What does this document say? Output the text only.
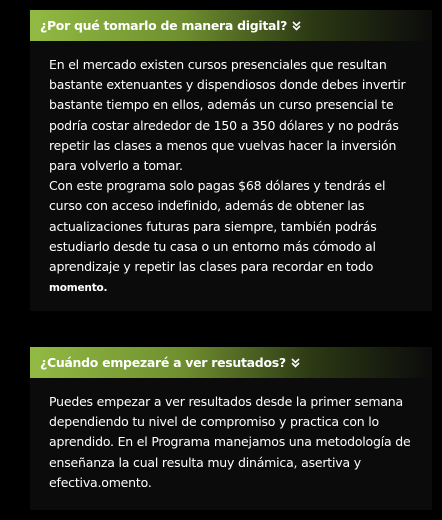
¿Por qué tomarlo de manera digital?

En el mercado existen cursos presenciales que resultan bastante extenuantes y dispendiosos donde debes invertir bastante tiempo en ellos, además un curso presencial te podría costar alrededor de 150 a 350 dólares y no podrás repetir las clases a menos que vuelvas hacer la inversión para volverlo a tomar.

Con este programa solo pagas $68 dólares y tendrás el curso con acceso indefinido, además de obtener las actualizaciones futuras para siempre, también podrás estudiarlo desde tu casa o un entorno más cómodo al aprendizaje y repetir las clases para recordar en todo momento.

¿Cuándo empezaré a ver resutados?

Puedes empezar a ver resultados desde la primer semana dependiendo tu nivel de compromiso y practica con lo aprendido. En el Programa manejamos una metodología de enseñanza la cual resulta muy dinámica, asertiva y efectiva.omento.
